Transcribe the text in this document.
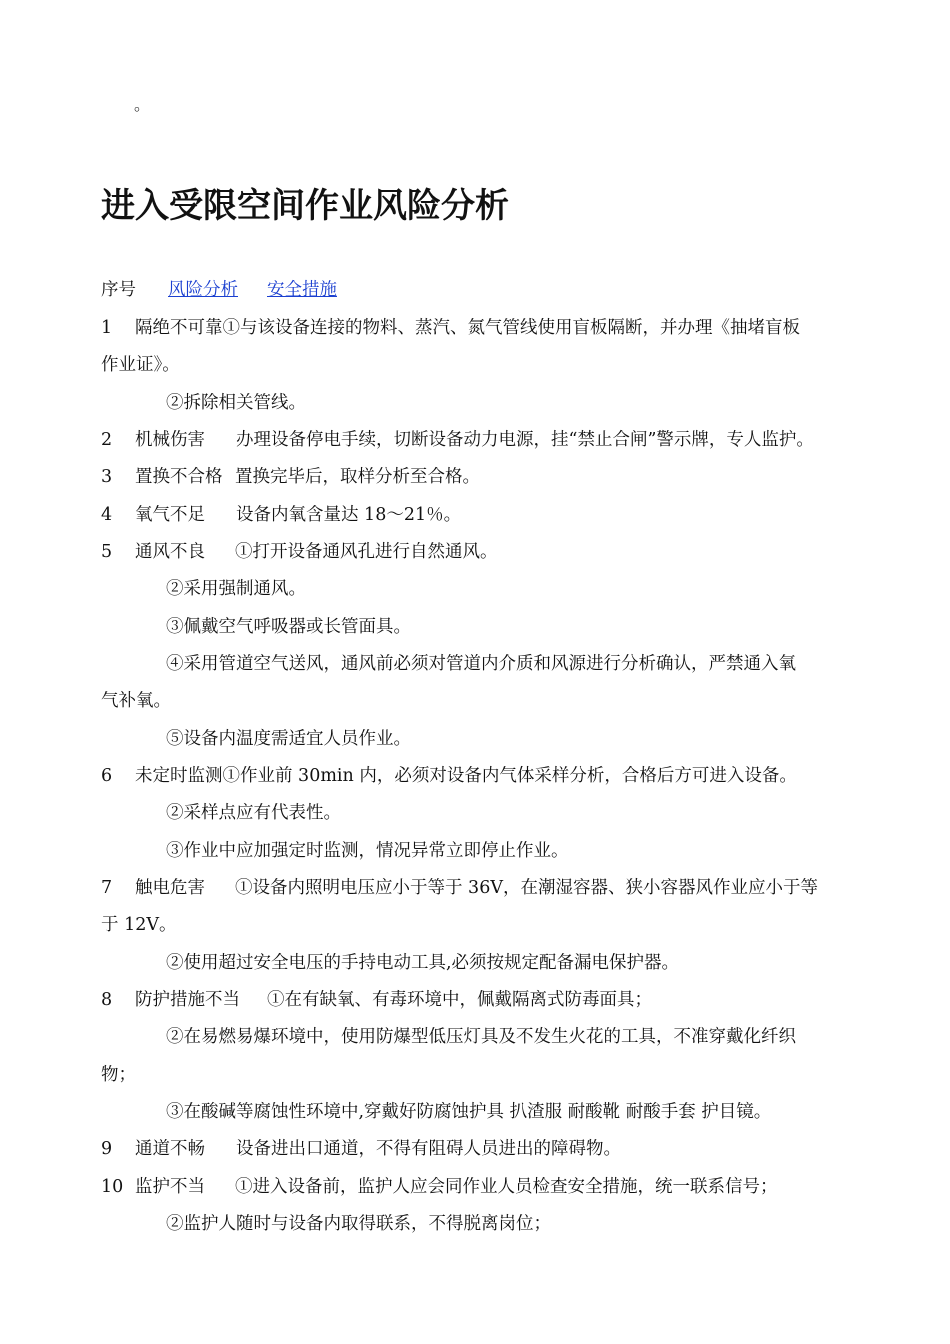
。
进入受限空间作业风险分析
序号 风险分析 安全措施
1 隔绝不可靠①与该设备连接的物料、蒸汽、氮气管线使用盲板隔断，并办理《抽堵盲板
作业证》。
②拆除相关管线。
2 机械伤害 办理设备停电手续，切断设备动力电源，挂“禁止合闸”警示牌，专人监护。
3 置换不合格 置换完毕后，取样分析至合格。
4 氧气不足 设备内氧含量达 18～21％。
5 通风不良 ①打开设备通风孔进行自然通风。
②采用强制通风。
③佩戴空气呼吸器或长管面具。
④采用管道空气送风，通风前必须对管道内介质和风源进行分析确认，严禁通入氧
气补氧。
⑤设备内温度需适宜人员作业。
6 未定时监测①作业前 30min 内，必须对设备内气体采样分析，合格后方可进入设备。
②采样点应有代表性。
③作业中应加强定时监测，情况异常立即停止作业。
7 触电危害 ①设备内照明电压应小于等于 36V，在潮湿容器、狭小容器风作业应小于等
于 12V。
②使用超过安全电压的手持电动工具,必须按规定配备漏电保护器。
8 防护措施不当 ①在有缺氧、有毒环境中，佩戴隔离式防毒面具；
②在易燃易爆环境中，使用防爆型低压灯具及不发生火花的工具，不准穿戴化纤织
物；
③在酸碱等腐蚀性环境中,穿戴好防腐蚀护具 扒渣服 耐酸靴 耐酸手套 护目镜。
9 通道不畅 设备进出口通道，不得有阻碍人员进出的障碍物。
10 监护不当 ①进入设备前，监护人应会同作业人员检查安全措施，统一联系信号；
②监护人随时与设备内取得联系，不得脱离岗位；
